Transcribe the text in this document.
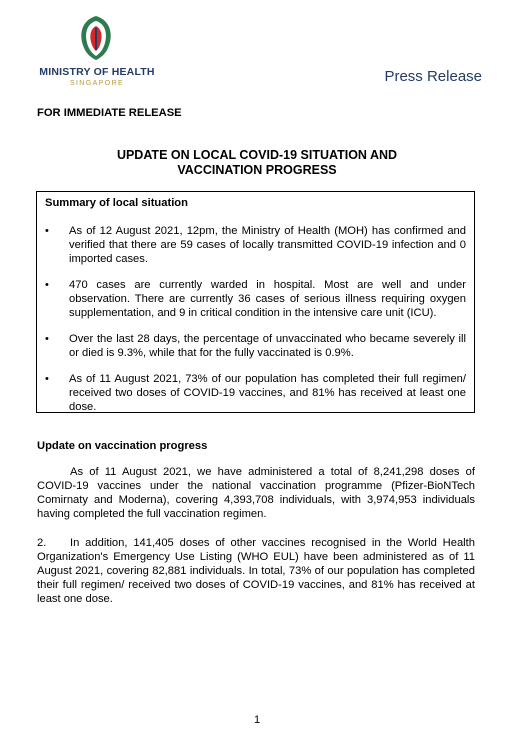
MINISTRY OF HEALTH
SINGAPORE	Press Release
FOR IMMEDIATE RELEASE
UPDATE ON LOCAL COVID-19 SITUATION AND
VACCINATION PROGRESS
Summary of local situation
•	As of 12 August 2021, 12pm, the Ministry of Health (MOH) has confirmed and verified that there are 59 cases of locally transmitted COVID-19 infection and 0 imported cases.
•	470 cases are currently warded in hospital. Most are well and under observation. There are currently 36 cases of serious illness requiring oxygen supplementation, and 9 in critical condition in the intensive care unit (ICU).
•	Over the last 28 days, the percentage of unvaccinated who became severely ill or died is 9.3%, while that for the fully vaccinated is 0.9%.
•	As of 11 August 2021, 73% of our population has completed their full regimen/ received two doses of COVID-19 vaccines, and 81% has received at least one dose.
Update on vaccination progress
As of 11 August 2021, we have administered a total of 8,241,298 doses of COVID-19 vaccines under the national vaccination programme (Pfizer-BioNTech Comirnaty and Moderna), covering 4,393,708 individuals, with 3,974,953 individuals having completed the full vaccination regimen.
2. In addition, 141,405 doses of other vaccines recognised in the World Health Organization's Emergency Use Listing (WHO EUL) have been administered as of 11 August 2021, covering 82,881 individuals. In total, 73% of our population has completed their full regimen/ received two doses of COVID-19 vaccines, and 81% has received at least one dose.
1
